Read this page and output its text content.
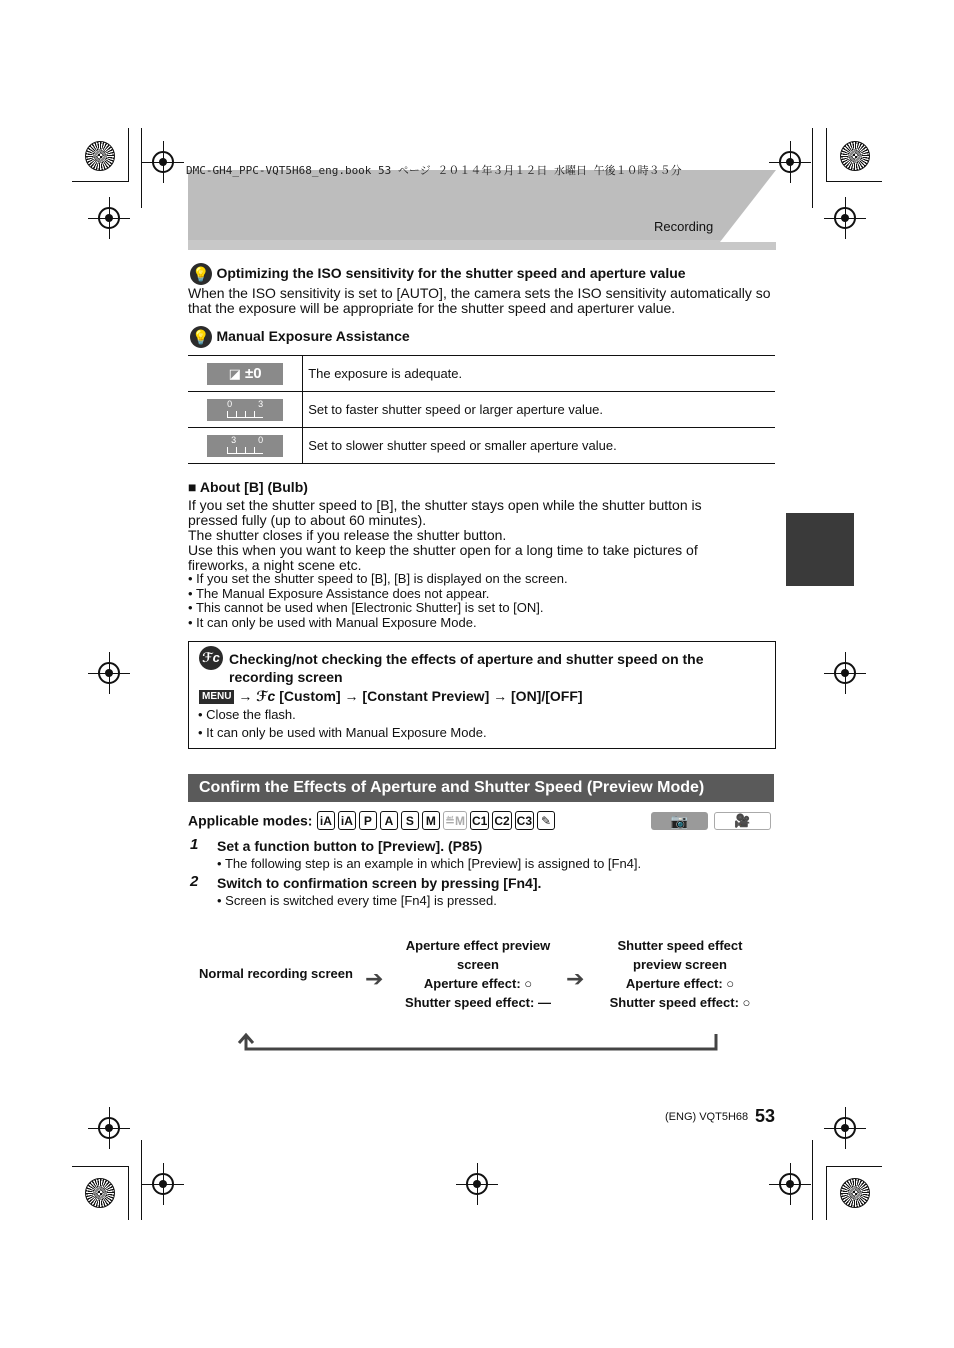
DMC-GH4_PPC-VQT5H68_eng.book 53 ページ ２０１４年３月１２日 水曜日 午後１０時３５分
Recording
💡 Optimizing the ISO sensitivity for the shutter speed and aperture value
When the ISO sensitivity is set to [AUTO], the camera sets the ISO sensitivity automatically so that the exposure will be appropriate for the shutter speed and aperturer value.
💡 Manual Exposure Assistance
◪ ±0	The exposure is adequate.

0 3	Set to faster shutter speed or larger aperture value.

3 0	Set to slower shutter speed or smaller aperture value.
■ About [B] (Bulb)
If you set the shutter speed to [B], the shutter stays open while the shutter button is pressed fully (up to about 60 minutes).
The shutter closes if you release the shutter button.
Use this when you want to keep the shutter open for a long time to take pictures of fireworks, a night scene etc.
• If you set the shutter speed to [B], [B] is displayed on the screen.
• The Manual Exposure Assistance does not appear.
• This cannot be used when [Electronic Shutter] is set to [ON].
• It can only be used with Manual Exposure Mode.
ℱc Checking/not checking the effects of aperture and shutter speed on the
recording screen
MENU → ℱc [Custom] → [Constant Preview] → [ON]/[OFF]
• Close the flash.
• It can only be used with Manual Exposure Mode.
Confirm the Effects of Aperture and Shutter Speed (Preview Mode)
Applicable modes: iA iA P A S M ≝M C1 C2 C3 ✎	📷	🎥
1 Set a function button to [Preview]. (P85)
• The following step is an example in which [Preview] is assigned to [Fn4].
2 Switch to confirmation screen by pressing [Fn4].
• Screen is switched every time [Fn4] is pressed.
Normal recording screen ➔
Aperture effect preview
screen
Aperture effect: ○
Shutter speed effect: —
➔
Shutter speed effect
preview screen
Aperture effect: ○
Shutter speed effect: ○
(ENG) VQT5H68 53
